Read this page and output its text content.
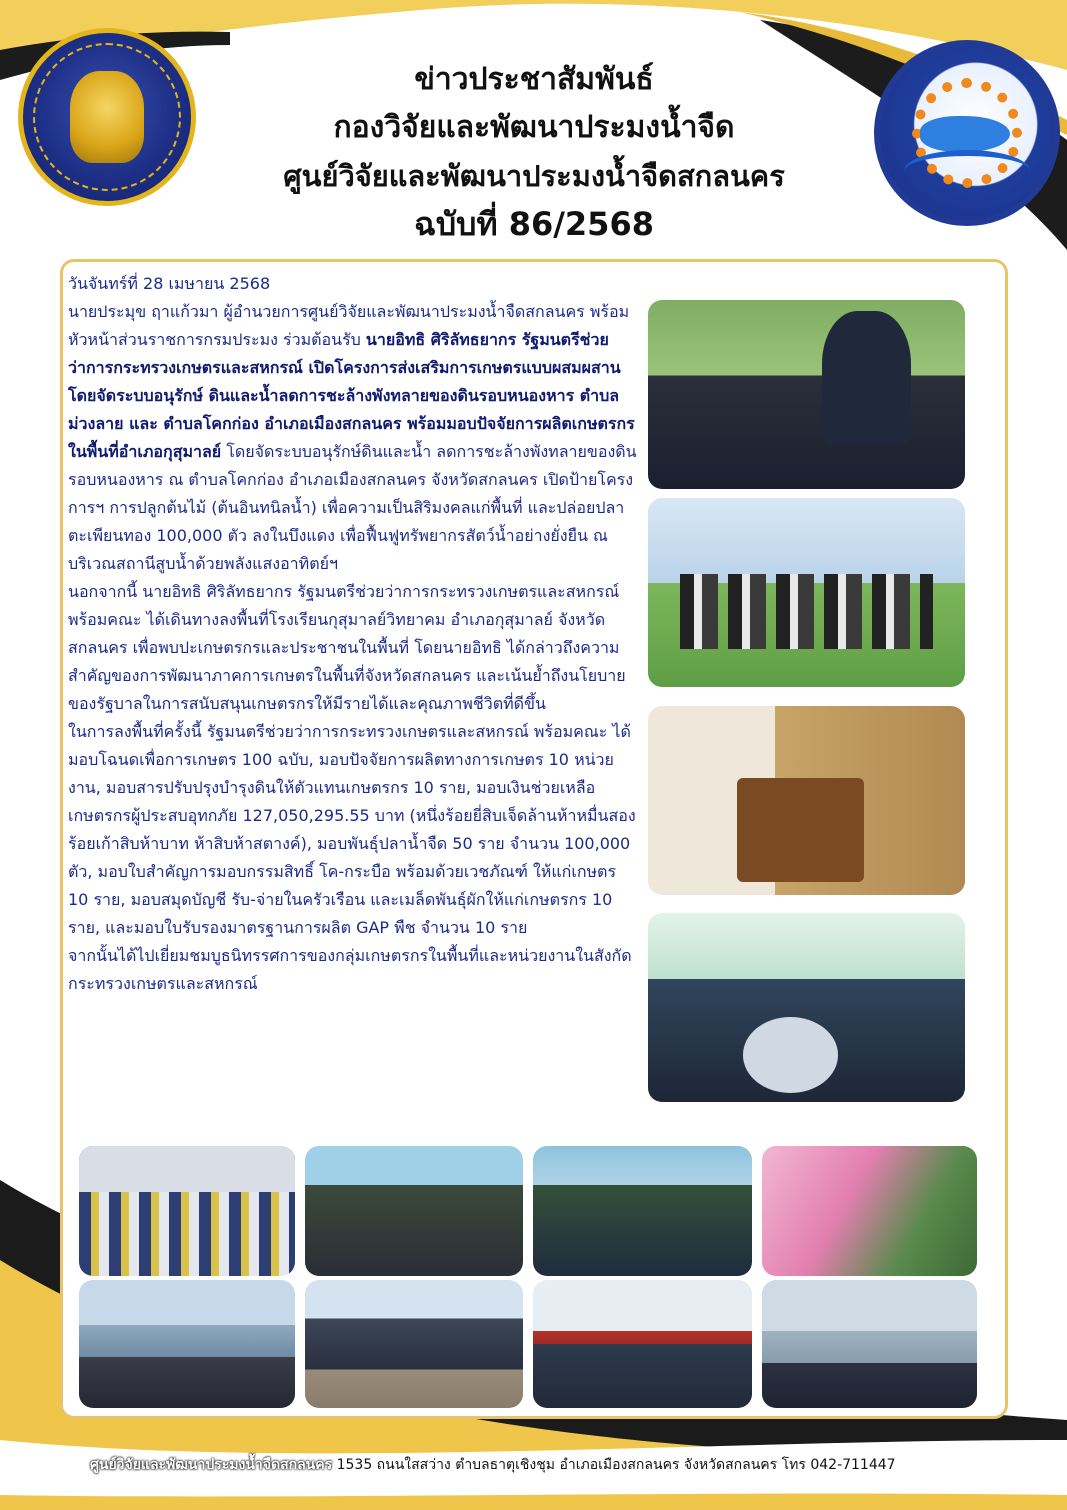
ข่าวประชาสัมพันธ์
กองวิจัยและพัฒนาประมงน้ำจืด
ศูนย์วิจัยและพัฒนาประมงน้ำจืดสกลนคร
ฉบับที่ 86/2568

วันจันทร์ที่ 28 เมษายน 2568

นายประมุข ฤาแก้วมา ผู้อำนวยการศูนย์วิจัยและพัฒนาประมงน้ำจืดสกลนคร พร้อมหัวหน้าส่วนราชการกรมประมง ร่วมต้อนรับ นายอิทธิ ศิริลัทธยากร รัฐมนตรีช่วยว่าการกระทรวงเกษตรและสหกรณ์ เปิดโครงการส่งเสริมการเกษตรแบบผสมผสานโดยจัดระบบอนุรักษ์ ดินและน้ำลดการชะล้างพังทลายของดินรอบหนองหาร ตำบลม่วงลาย และ ตำบลโคกก่อง อำเภอเมืองสกลนคร พร้อมมอบปัจจัยการผลิตเกษตรกรในพื้นที่อำเภอกุสุมาลย์ โดยจัดระบบอนุรักษ์ดินและน้ำ ลดการชะล้างพังทลายของดินรอบหนองหาร ณ ตำบลโคกก่อง อำเภอเมืองสกลนคร จังหวัดสกลนคร เปิดป้ายโครงการฯ การปลูกต้นไม้ (ต้นอินทนิลน้ำ) เพื่อความเป็นสิริมงคลแก่พื้นที่ และปล่อยปลาตะเพียนทอง 100,000 ตัว ลงในบึงแดง เพื่อฟื้นฟูทรัพยากรสัตว์น้ำอย่างยั่งยืน ณ บริเวณสถานีสูบน้ำด้วยพลังแสงอาทิตย์ฯ

นอกจากนี้ นายอิทธิ ศิริลัทธยากร รัฐมนตรีช่วยว่าการกระทรวงเกษตรและสหกรณ์ พร้อมคณะ ได้เดินทางลงพื้นที่โรงเรียนกุสุมาลย์วิทยาคม อำเภอกุสุมาลย์ จังหวัดสกลนคร เพื่อพบปะเกษตรกรและประชาชนในพื้นที่ โดยนายอิทธิ ได้กล่าวถึงความสำคัญของการพัฒนาภาคการเกษตรในพื้นที่จังหวัดสกลนคร และเน้นย้ำถึงนโยบายของรัฐบาลในการสนับสนุนเกษตรกรให้มีรายได้และคุณภาพชีวิตที่ดีขึ้น

ในการลงพื้นที่ครั้งนี้ รัฐมนตรีช่วยว่าการกระทรวงเกษตรและสหกรณ์ พร้อมคณะ ได้มอบโฉนดเพื่อการเกษตร 100 ฉบับ, มอบปัจจัยการผลิตทางการเกษตร 10 หน่วยงาน, มอบสารปรับปรุงบำรุงดินให้ตัวแทนเกษตรกร 10 ราย, มอบเงินช่วยเหลือเกษตรกรผู้ประสบอุทกภัย 127,050,295.55 บาท (หนึ่งร้อยยี่สิบเจ็ดล้านห้าหมื่นสองร้อยเก้าสิบห้าบาท ห้าสิบห้าสตางค์), มอบพันธุ์ปลาน้ำจืด 50 ราย จำนวน 100,000 ตัว, มอบใบสำคัญการมอบกรรมสิทธิ์ โค-กระบือ พร้อมด้วยเวชภัณฑ์ ให้แก่เกษตร 10 ราย, มอบสมุดบัญชี รับ-จ่ายในครัวเรือน และเมล็ดพันธุ์ผักให้แก่เกษตรกร 10 ราย, และมอบใบรับรองมาตรฐานการผลิต GAP พืช จำนวน 10 ราย

จากนั้นได้ไปเยี่ยมชมบูธนิทรรศการของกลุ่มเกษตรกรในพื้นที่และหน่วยงานในสังกัดกระทรวงเกษตรและสหกรณ์

ศูนย์วิจัยและพัฒนาประมงน้ำจืดสกลนคร 1535 ถนนใสสว่าง ตำบลธาตุเชิงชุม อำเภอเมืองสกลนคร จังหวัดสกลนคร โทร 042-711447
